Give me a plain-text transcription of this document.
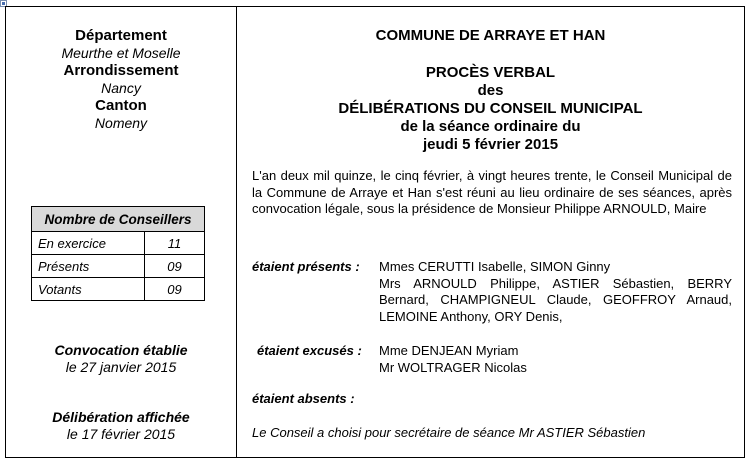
Département
Meurthe et Moselle
Arrondissement
Nancy
Canton
Nomeny
Nombre de Conseillers	
En exercice	11
Présents	09
Votants	09
Convocation établie
le 27 janvier 2015
Délibération affichée
le 17 février 2015
COMMUNE DE ARRAYE ET HAN
PROCÈS VERBAL
des
DÉLIBÉRATIONS DU CONSEIL MUNICIPAL
de la séance ordinaire du
jeudi 5 février 2015
L'an deux mil quinze, le cinq février, à vingt heures trente, le Conseil Municipal de la Commune de Arraye et Han s'est réuni au lieu ordinaire de ses séances, après convocation légale, sous la présidence de Monsieur Philippe ARNOULD, Maire
étaient présents : Mmes CERUTTI Isabelle, SIMON Ginny
Mrs ARNOULD Philippe, ASTIER Sébastien, BERRY Bernard, CHAMPIGNEUL Claude, GEOFFROY Arnaud, LEMOINE Anthony, ORY Denis,
étaient excusés : Mme DENJEAN Myriam
Mr WOLTRAGER Nicolas
étaient absents :
Le Conseil a choisi pour secrétaire de séance Mr ASTIER Sébastien
